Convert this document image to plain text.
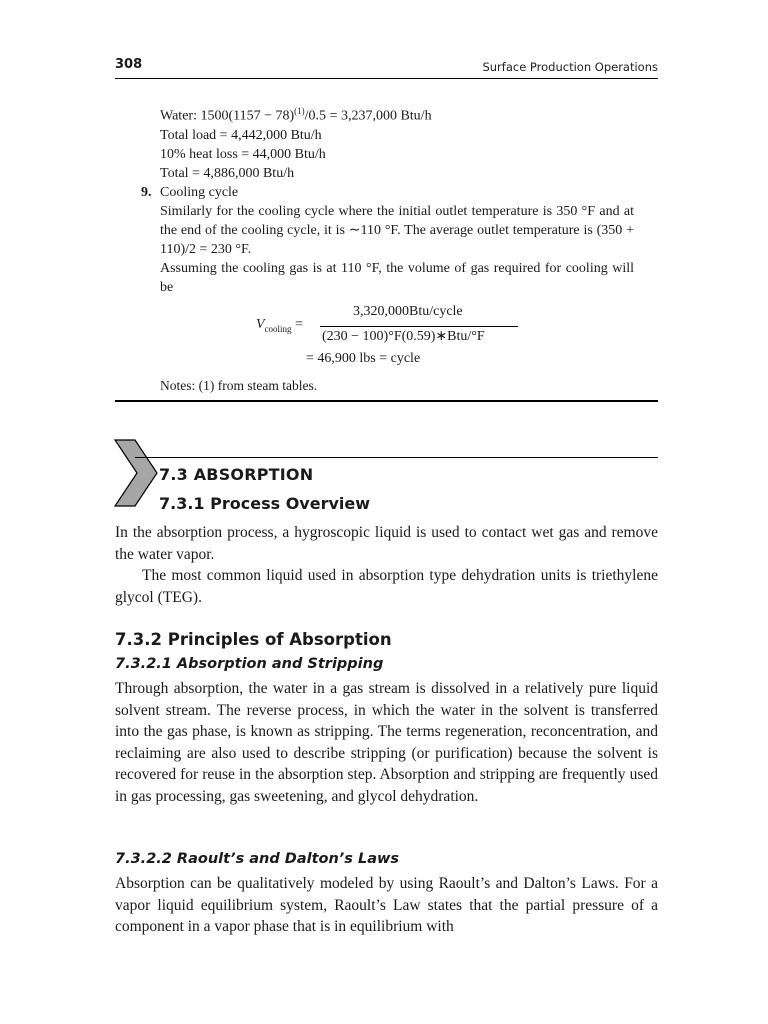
308	Surface Production Operations

Water: $1500(1157 - 78)^{(1)}/0.5 = 3,237,000$ Btu/h

Total load = 4,442,000 Btu/h

10% heat loss = 44,000 Btu/h

Total = 4,886,000 Btu/h

9. Cooling cycle

Similarly for the cooling cycle where the initial outlet temperature is 350 °F and at the end of the cooling cycle, it is ∼110 °F. The average outlet temperature is (350 + 110)/2 = 230 °F.

Assuming the cooling gas is at 110 °F, the volume of gas required for cooling will be

$V_{cooling}$ =
3,320,000Btu/cycle
(230 − 100)°F(0.59)∗Btu/°F
= 46,900 lbs = cycle
Notes: (1) from steam tables.
7.3 ABSORPTION
7.3.1 Process Overview

In the absorption process, a hygroscopic liquid is used to contact wet gas and remove the water vapor.

The most common liquid used in absorption type dehydration units is triethylene glycol (TEG).

7.3.2 Principles of Absorption
7.3.2.1 Absorption and Stripping

Through absorption, the water in a gas stream is dissolved in a relatively pure liquid solvent stream. The reverse process, in which the water in the solvent is transferred into the gas phase, is known as stripping. The terms regeneration, reconcentration, and reclaiming are also used to describe stripping (or purification) because the solvent is recovered for reuse in the absorption step. Absorption and stripping are frequently used in gas processing, gas sweetening, and glycol dehydration.

7.3.2.2 Raoult’s and Dalton’s Laws

Absorption can be qualitatively modeled by using Raoult’s and Dalton’s Laws. For a vapor liquid equilibrium system, Raoult’s Law states that the partial pressure of a component in a vapor phase that is in equilibrium with
